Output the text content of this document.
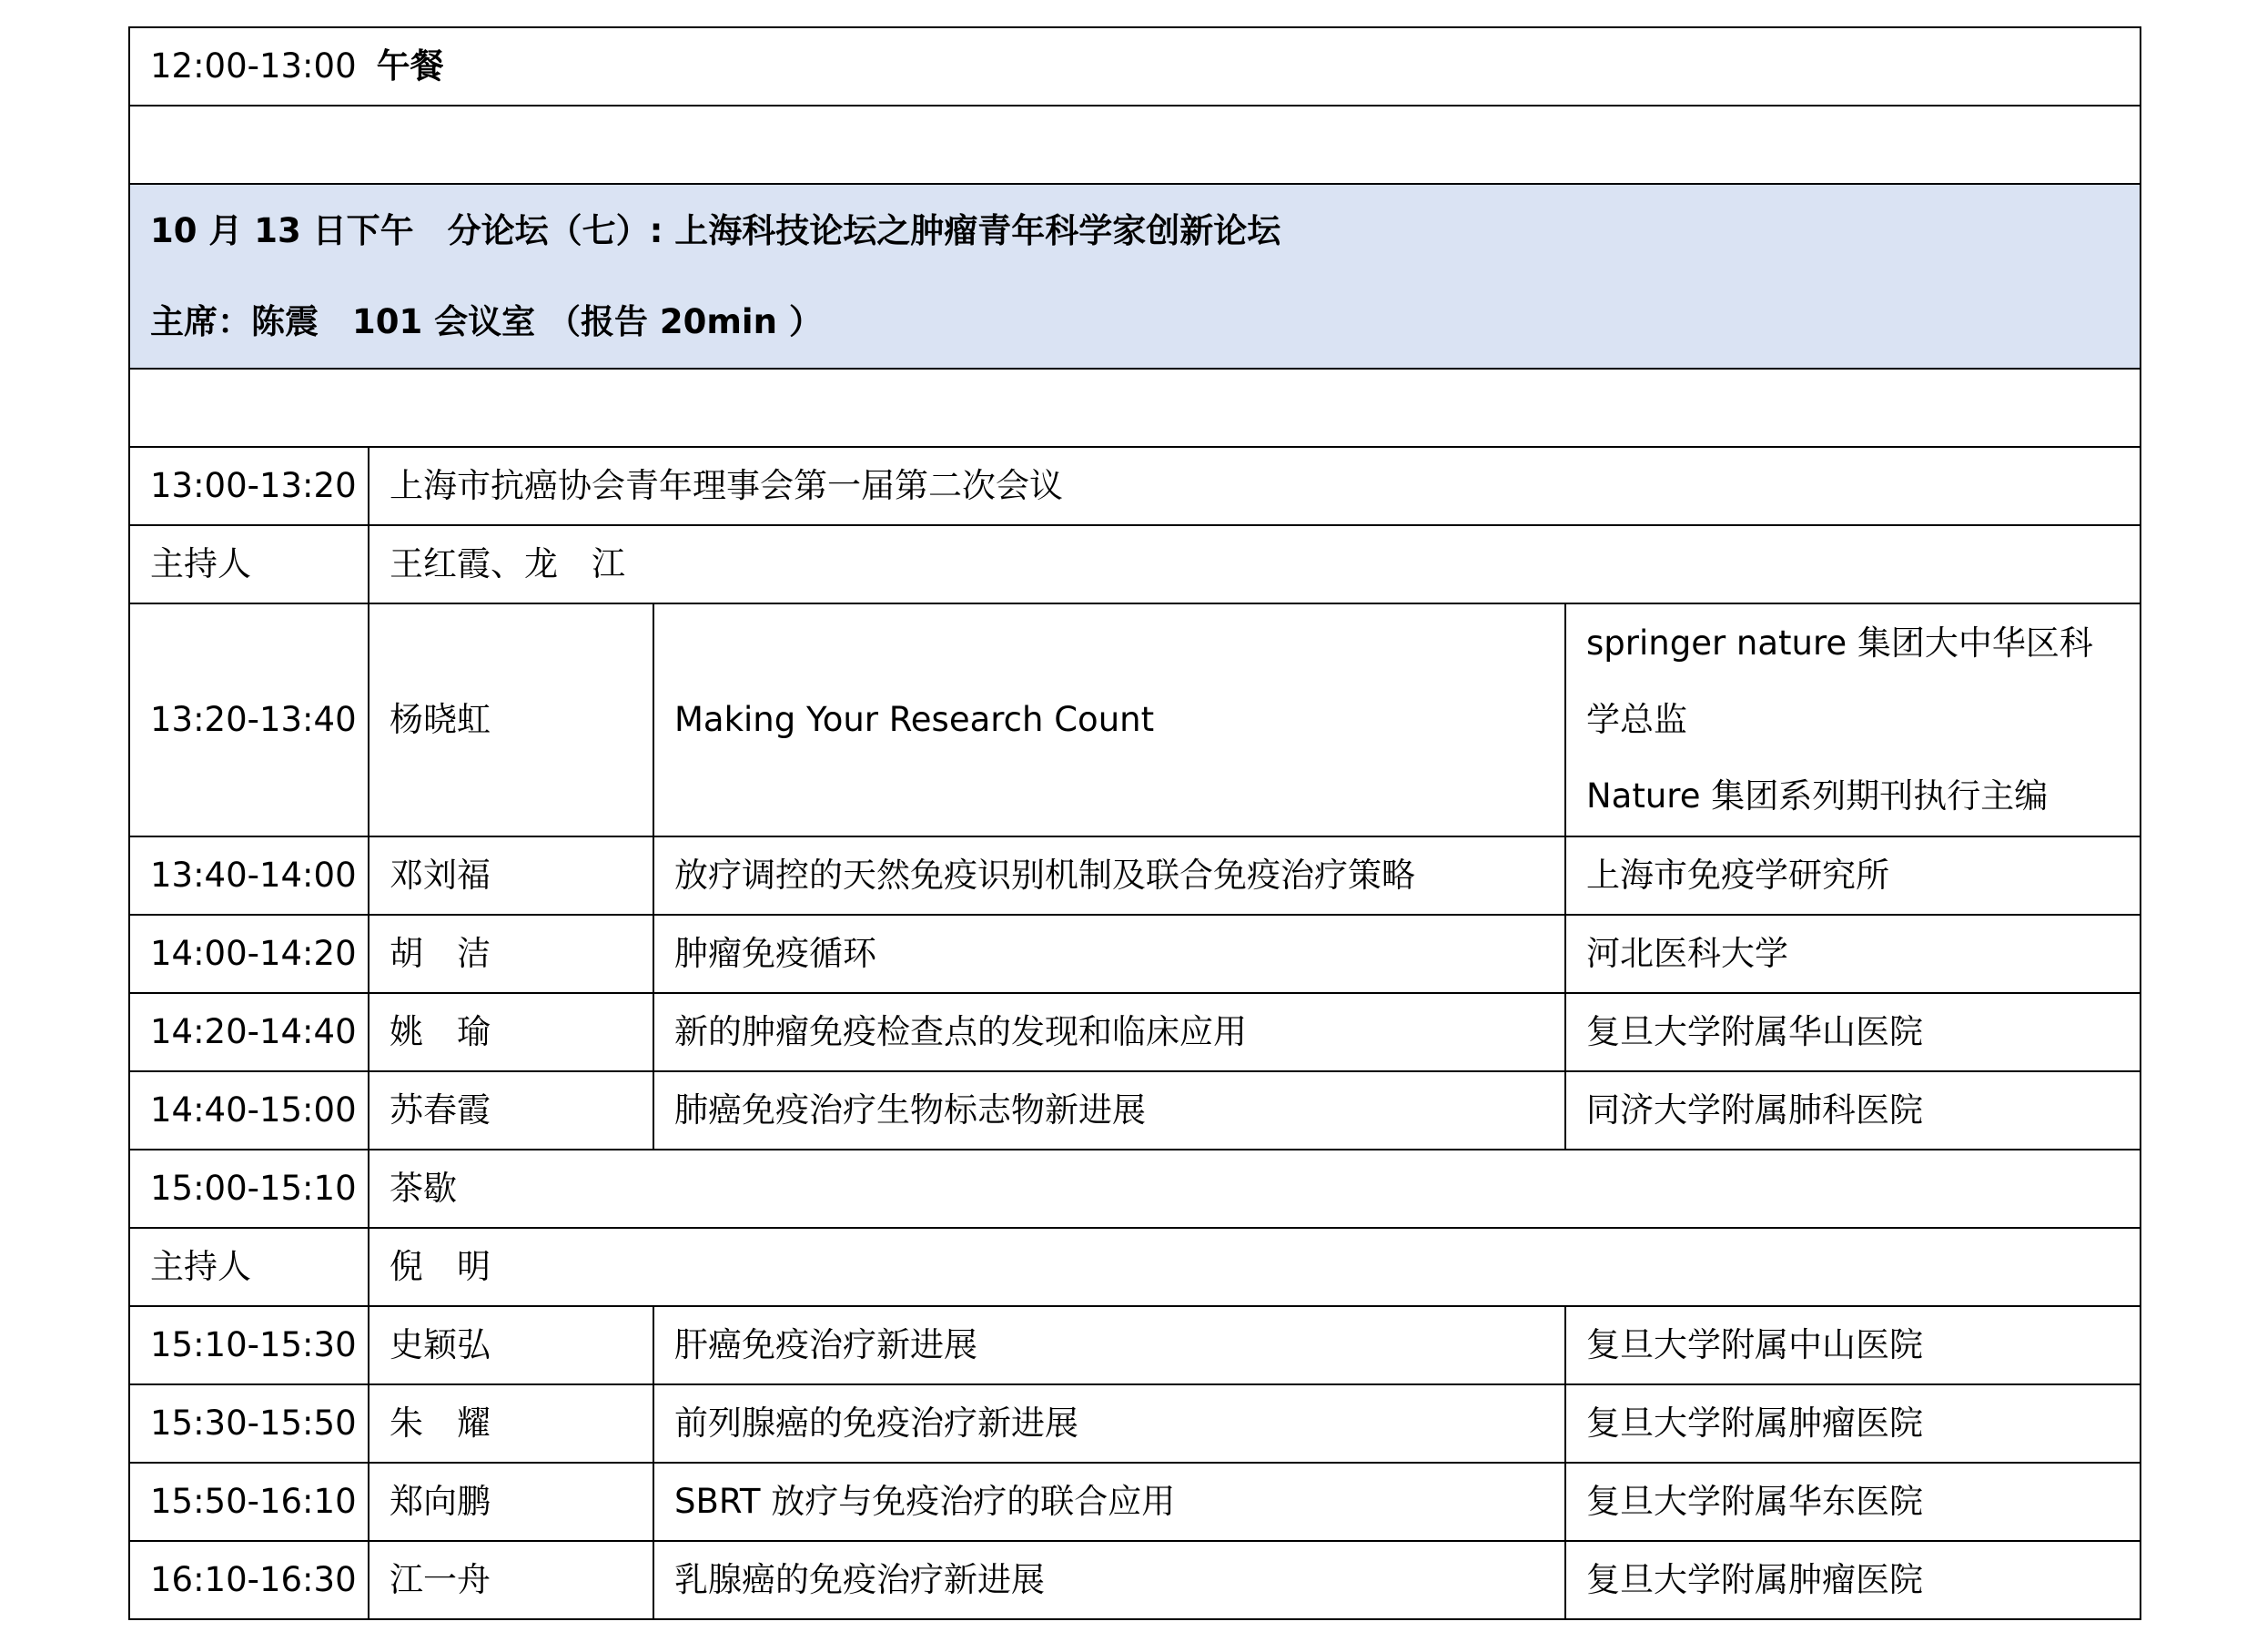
12:00-13:00 午餐			

10 月 13 日下午　分论坛（七）: 上海科技论坛之肿瘤青年科学家创新论坛
主席：陈震　101 会议室 （报告 20min ）			

13:00-13:20	上海市抗癌协会青年理事会第一届第二次会议		
主持人	王红霞、龙　江		
13:20-13:40	杨晓虹	Making Your Research Count	springer nature 集团大中华区科
学总监
Nature 集团系列期刊执行主编

13:40-14:00	邓刘福	放疗调控的天然免疫识别机制及联合免疫治疗策略	上海市免疫学研究所
14:00-14:20	胡　洁	肿瘤免疫循环	河北医科大学
14:20-14:40	姚　瑜	新的肿瘤免疫检查点的发现和临床应用	复旦大学附属华山医院
14:40-15:00	苏春霞	肺癌免疫治疗生物标志物新进展	同济大学附属肺科医院
15:00-15:10	茶歇		
主持人	倪　明		
15:10-15:30	史颖弘	肝癌免疫治疗新进展	复旦大学附属中山医院
15:30-15:50	朱　耀	前列腺癌的免疫治疗新进展	复旦大学附属肿瘤医院
15:50-16:10	郑向鹏	SBRT 放疗与免疫治疗的联合应用	复旦大学附属华东医院
16:10-16:30	江一舟	乳腺癌的免疫治疗新进展	复旦大学附属肿瘤医院
